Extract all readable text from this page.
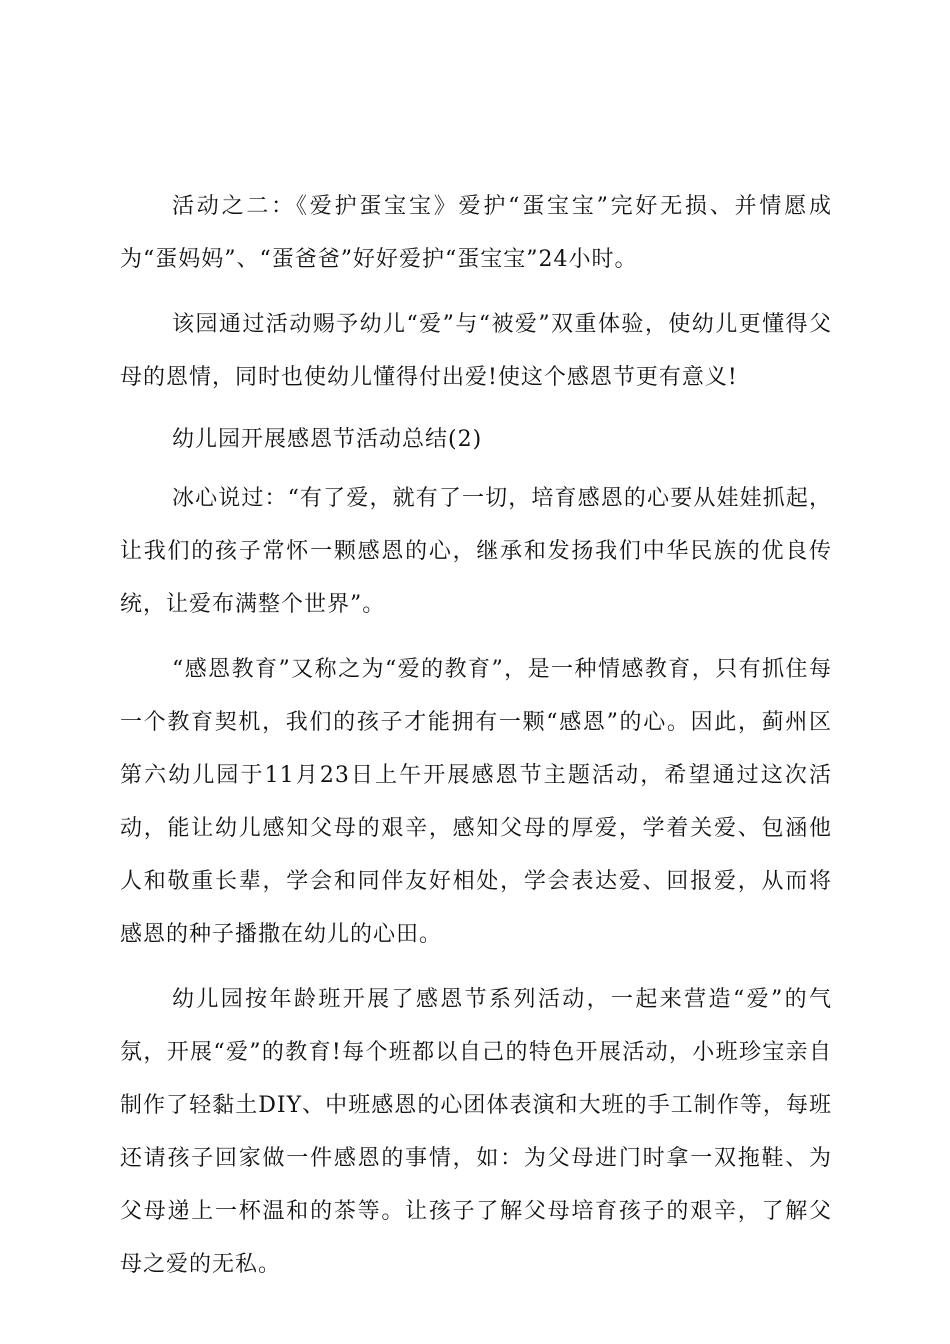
活动之二：《爱护蛋宝宝》爱护“蛋宝宝”完好无损、并情愿成为“蛋妈妈”、“蛋爸爸”好好爱护“蛋宝宝”24小时。

该园通过活动赐予幼儿“爱”与“被爱”双重体验，使幼儿更懂得父母的恩情，同时也使幼儿懂得付出爱!使这个感恩节更有意义!

幼儿园开展感恩节活动总结(2)

冰心说过：“有了爱，就有了一切，培育感恩的心要从娃娃抓起，让我们的孩子常怀一颗感恩的心，继承和发扬我们中华民族的优良传统，让爱布满整个世界”。

“感恩教育”又称之为“爱的教育”，是一种情感教育，只有抓住每一个教育契机，我们的孩子才能拥有一颗“感恩”的心。因此，蓟州区第六幼儿园于11月23日上午开展感恩节主题活动，希望通过这次活动，能让幼儿感知父母的艰辛，感知父母的厚爱，学着关爱、包涵他人和敬重长辈，学会和同伴友好相处，学会表达爱、回报爱，从而将感恩的种子播撒在幼儿的心田。

幼儿园按年龄班开展了感恩节系列活动，一起来营造“爱”的气氛，开展“爱”的教育!每个班都以自己的特色开展活动，小班珍宝亲自制作了轻黏土DIY、中班感恩的心团体表演和大班的手工制作等，每班还请孩子回家做一件感恩的事情，如：为父母进门时拿一双拖鞋、为父母递上一杯温和的茶等。让孩子了解父母培育孩子的艰辛，了解父母之爱的无私。
